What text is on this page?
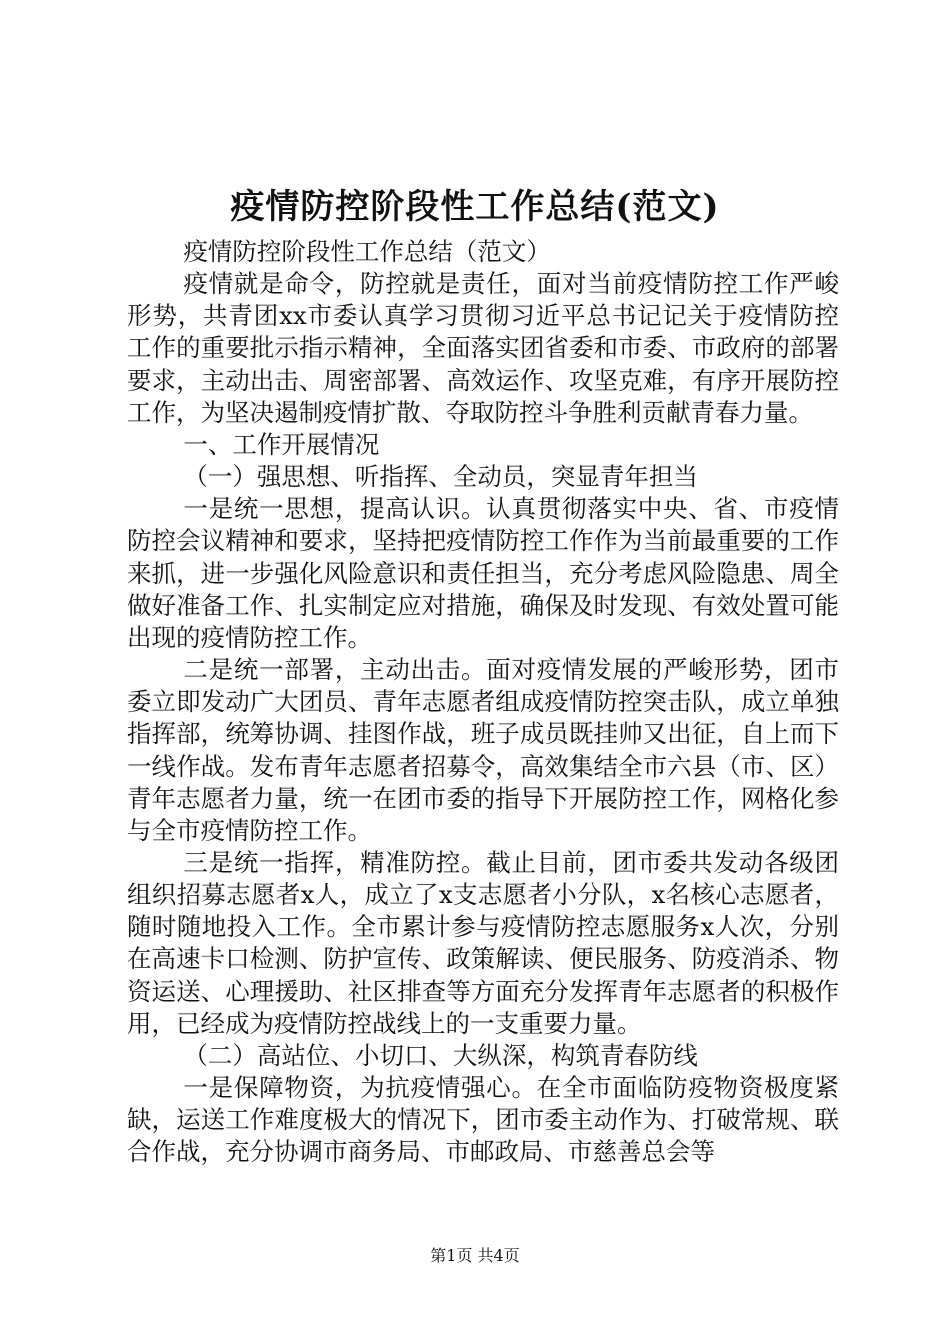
疫情防控阶段性工作总结(范文)

疫情防控阶段性工作总结（范文）

疫情就是命令，防控就是责任，面对当前疫情防控工作严峻形势，共青团xx市委认真学习贯彻习近平总书记记关于疫情防控工作的重要批示指示精神，全面落实团省委和市委、市政府的部署要求，主动出击、周密部署、高效运作、攻坚克难，有序开展防控工作，为坚决遏制疫情扩散、夺取防控斗争胜利贡献青春力量。

一、工作开展情况

（一）强思想、听指挥、全动员，突显青年担当

一是统一思想，提高认识。认真贯彻落实中央、省、市疫情防控会议精神和要求，坚持把疫情防控工作作为当前最重要的工作来抓，进一步强化风险意识和责任担当，充分考虑风险隐患、周全做好准备工作、扎实制定应对措施，确保及时发现、有效处置可能出现的疫情防控工作。

二是统一部署，主动出击。面对疫情发展的严峻形势，团市委立即发动广大团员、青年志愿者组成疫情防控突击队，成立单独指挥部，统筹协调、挂图作战，班子成员既挂帅又出征，自上而下一线作战。发布青年志愿者招募令，高效集结全市六县（市、区）青年志愿者力量，统一在团市委的指导下开展防控工作，网格化参与全市疫情防控工作。

三是统一指挥，精准防控。截止目前，团市委共发动各级团组织招募志愿者x人，成立了x支志愿者小分队，x名核心志愿者，随时随地投入工作。全市累计参与疫情防控志愿服务x人次，分别在高速卡口检测、防护宣传、政策解读、便民服务、防疫消杀、物资运送、心理援助、社区排查等方面充分发挥青年志愿者的积极作用，已经成为疫情防控战线上的一支重要力量。

（二）高站位、小切口、大纵深，构筑青春防线

一是保障物资，为抗疫情强心。在全市面临防疫物资极度紧缺，运送工作难度极大的情况下，团市委主动作为、打破常规、联合作战，充分协调市商务局、市邮政局、市慈善总会等

第1页 共4页
